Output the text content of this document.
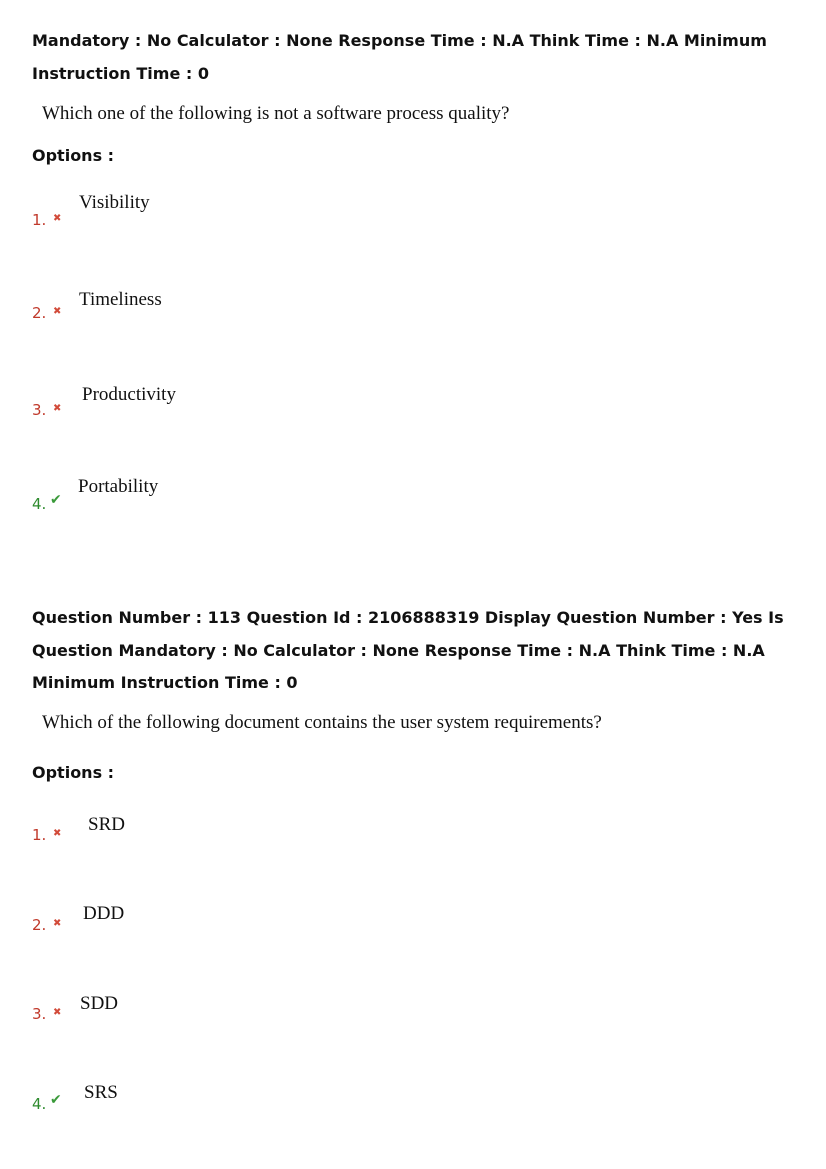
Mandatory : No Calculator : None Response Time : N.A Think Time : N.A Minimum Instruction Time : 0

Which one of the following is not a software process quality?

Options :

1. ✖
Visibility
2. ✖
Timeliness
3. ✖
Productivity
4. ✔
Portability

Question Number : 113 Question Id : 2106888319 Display Question Number : Yes Is Question Mandatory : No Calculator : None Response Time : N.A Think Time : N.A Minimum Instruction Time : 0

Which of the following document contains the user system requirements?

Options :

1. ✖ SRD
2. ✖ DDD
3. ✖ SDD
4. ✔ SRS
